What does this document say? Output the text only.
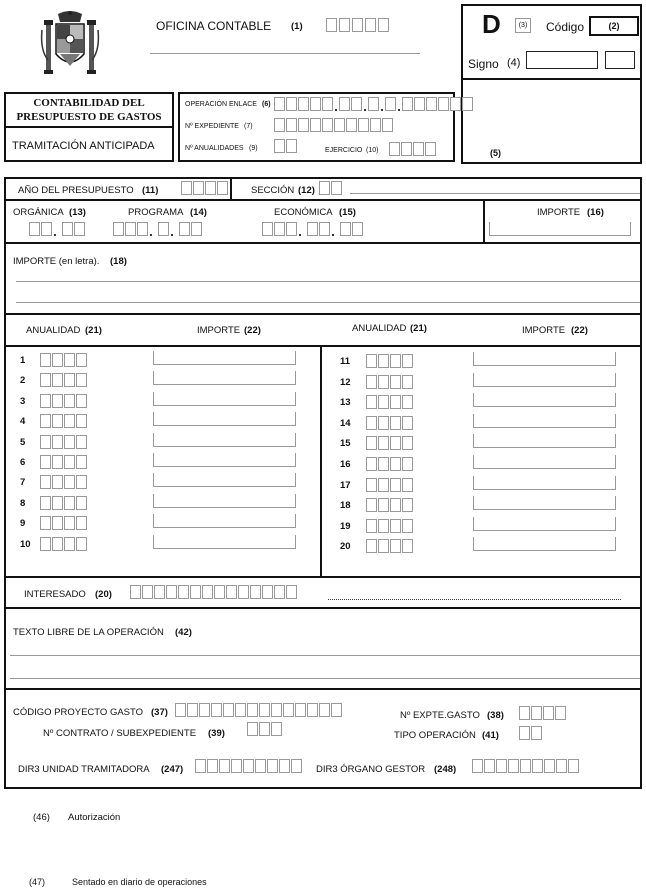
OFICINA CONTABLE (1)	D	(3)	Código	(2)
Signo (4)
(5)
CONTABILIDAD DEL
PRESUPUESTO DE GASTOS
TRAMITACIÓN ANTICIPADA
OPERACIÓN ENLACE (6)
Nº EXPEDIENTE (7)
Nº ANUALIDADES (9)	EJERCICIO (10)
AÑO DEL PRESUPUESTO (11)	SECCIÓN (12)
ORGÁNICA (13)	PROGRAMA (14)	ECONÓMICA (15)	IMPORTE (16)
IMPORTE (en letra). (18)
ANUALIDAD (21)	IMPORTE (22)	ANUALIDAD (21)	IMPORTE (22)
1
2
3
4
5
6
7
8
9
10
11
12
13
14
15
16
17
18
19
20
INTERESADO (20)
TEXTO LIBRE DE LA OPERACIÓN (42)
CÓDIGO PROYECTO GASTO (37)	Nº EXPTE.GASTO (38)
Nº CONTRATO / SUBEXPEDIENTE (39)	TIPO OPERACIÓN (41)
DIR3 UNIDAD TRAMITADORA (247)	DIR3 ÓRGANO GESTOR (248)
(46) Autorización
(47)	Sentado en diario de operaciones
